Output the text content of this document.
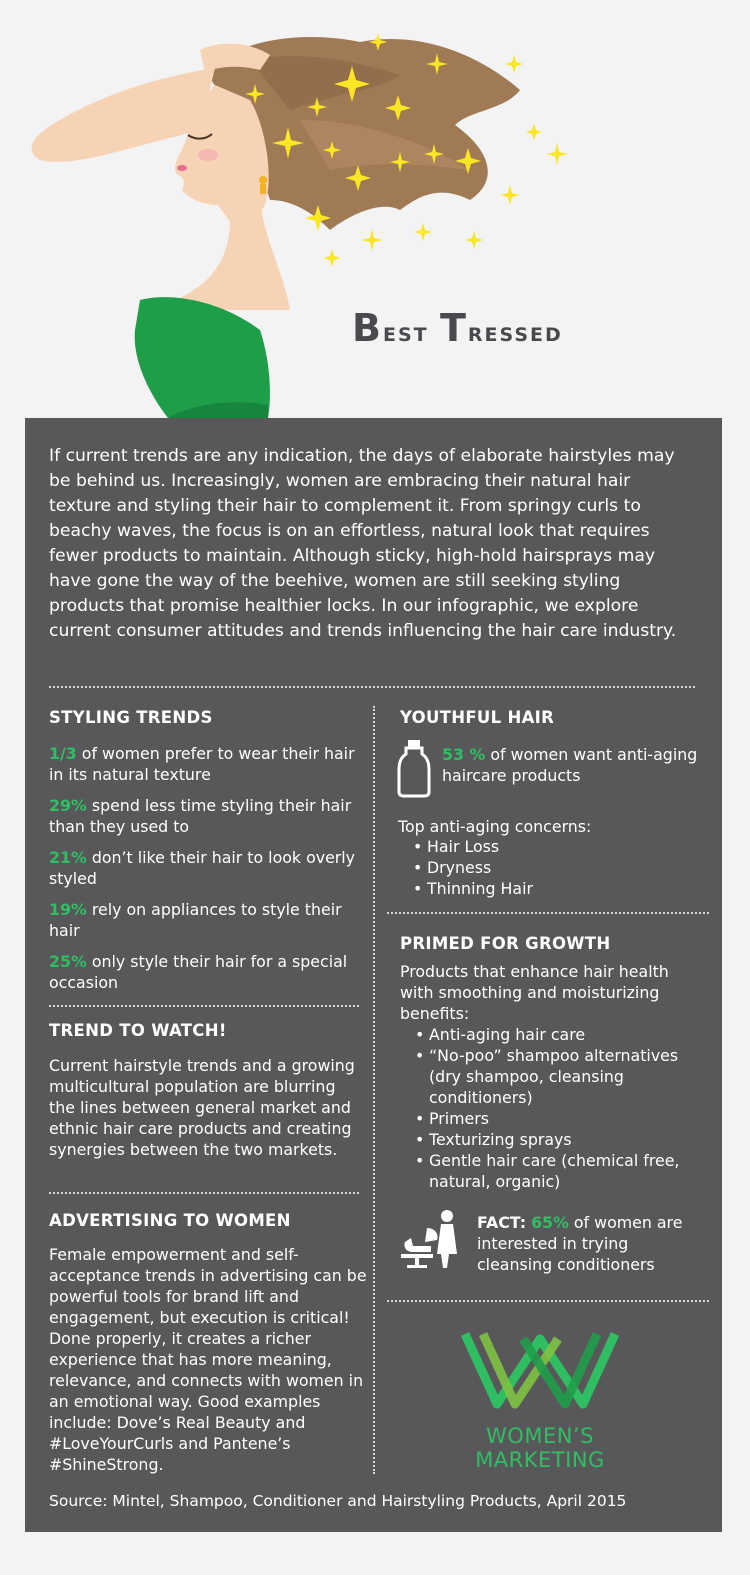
Best Tressed

If current trends are any indication, the days of elaborate hairstyles may be behind us. Increasingly, women are embracing their natural hair texture and styling their hair to complement it. From springy curls to beachy waves, the focus is on an effortless, natural look that requires fewer products to maintain. Although sticky, high-hold hairsprays may have gone the way of the beehive, women are still seeking styling products that promise healthier locks. In our infographic, we explore current consumer attitudes and trends influencing the hair care industry.

STYLING TRENDS
1/3 of women prefer to wear their hair in its natural texture
29% spend less time styling their hair than they used to
21% don’t like their hair to look overly styled
19% rely on appliances to style their hair
25% only style their hair for a special occasion
TREND TO WATCH!

Current hairstyle trends and a growing multicultural population are blurring the lines between general market and ethnic hair care products and creating synergies between the two markets.

ADVERTISING TO WOMEN

Female empowerment and self-acceptance trends in advertising can be powerful tools for brand lift and engagement, but execution is critical! Done properly, it creates a richer experience that has more meaning, relevance, and connects with women in an emotional way. Good examples include: Dove’s Real Beauty and #LoveYourCurls and Pantene’s #ShineStrong.

YOUTHFUL HAIR
53 % of women want anti-aging haircare products
Top anti-aging concerns:
• Hair Loss
• Dryness
• Thinning Hair
PRIMED FOR GROWTH

Products that enhance hair health with smoothing and moisturizing benefits:

• Anti-aging hair care
• “No-poo” shampoo alternatives (dry shampoo, cleansing conditioners)
• Primers
• Texturizing sprays
• Gentle hair care (chemical free, natural, organic)
FACT: 65% of women are interested in trying cleansing conditioners
WOMEN’S MARKETING
Source: Mintel, Shampoo, Conditioner and Hairstyling Products, April 2015
